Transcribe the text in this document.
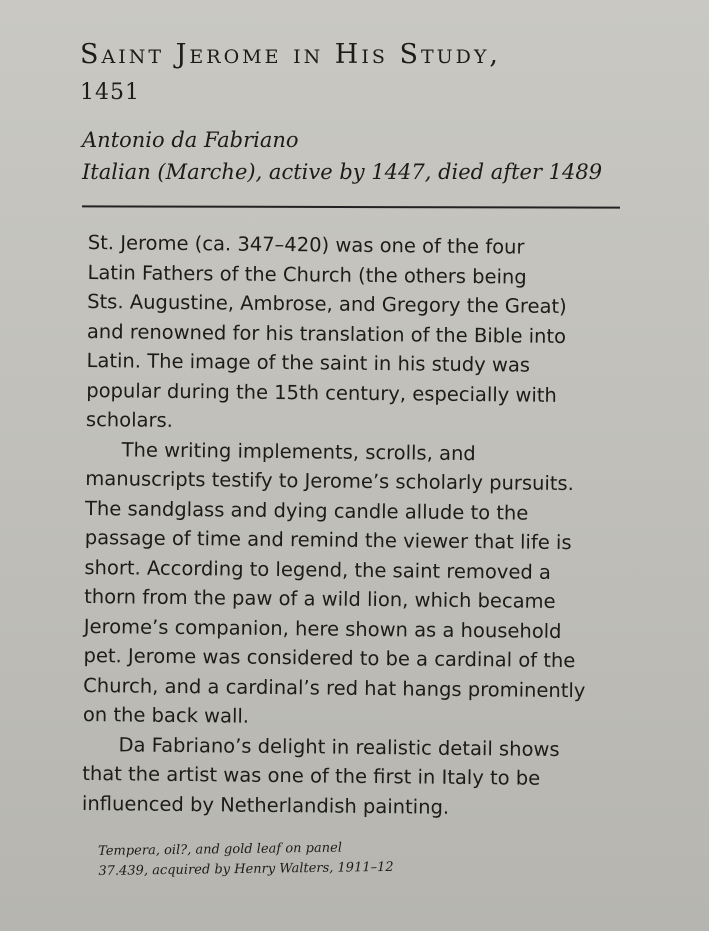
Saint Jerome in His Study,
1451
Antonio da Fabriano
Italian (Marche), active by 1447, died after 1489
St. Jerome (ca. 347–420) was one of the four
Latin Fathers of the Church (the others being
Sts. Augustine, Ambrose, and Gregory the Great)
and renowned for his translation of the Bible into
Latin. The image of the saint in his study was
popular during the 15th century, especially with
scholars.
The writing implements, scrolls, and
manuscripts testify to Jerome’s scholarly pursuits.
The sandglass and dying candle allude to the
passage of time and remind the viewer that life is
short. According to legend, the saint removed a
thorn from the paw of a wild lion, which became
Jerome’s companion, here shown as a household
pet. Jerome was considered to be a cardinal of the
Church, and a cardinal’s red hat hangs prominently
on the back wall.
Da Fabriano’s delight in realistic detail shows
that the artist was one of the first in Italy to be
influenced by Netherlandish painting.
Tempera, oil?, and gold leaf on panel
37.439, acquired by Henry Walters, 1911–12
